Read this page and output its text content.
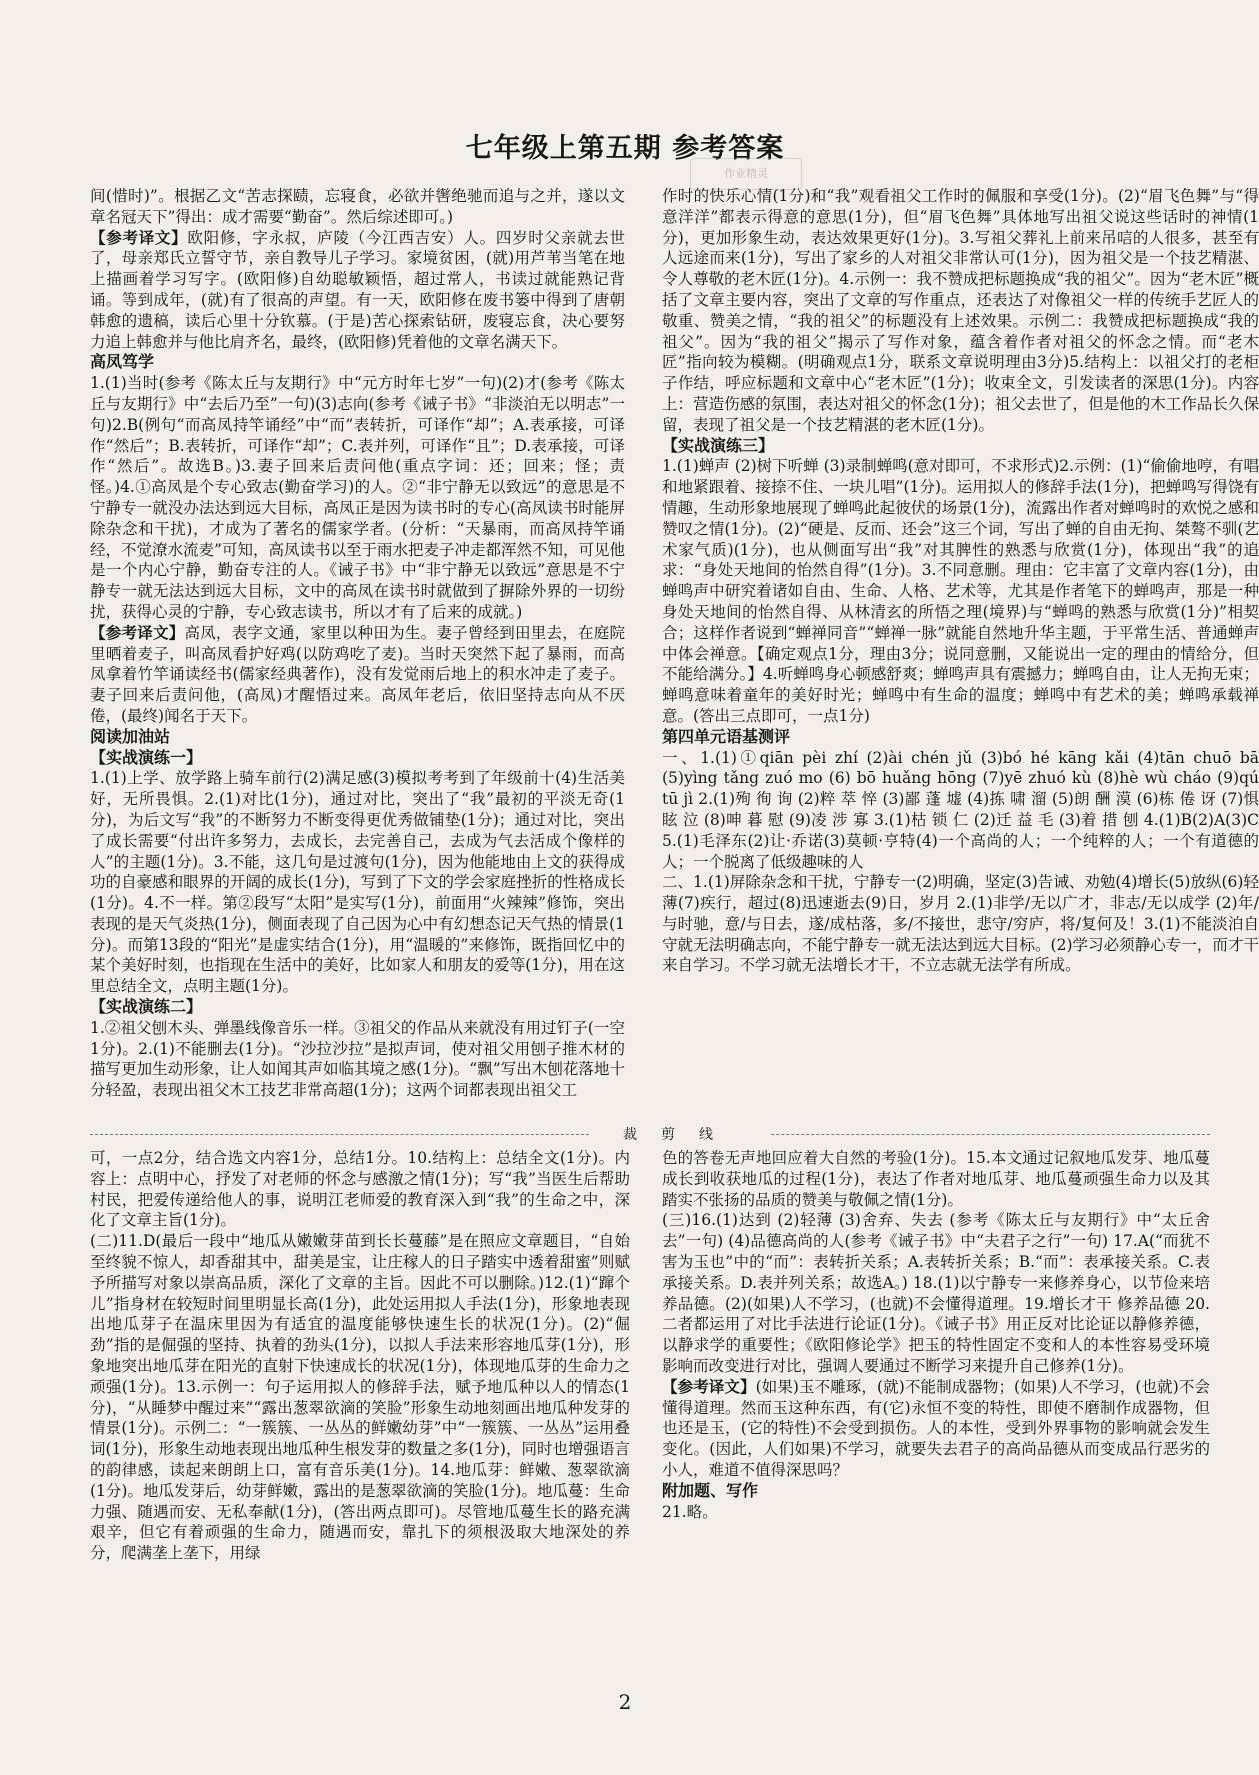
七年级上第五期 参考答案
作业精灵

间(惜时)”。根据乙文“苦志探赜，忘寝食，必欲并辔绝驰而追与之并，遂以文章名冠天下”得出：成才需要“勤奋”。然后综述即可。)

【参考译文】欧阳修，字永叔，庐陵（今江西吉安）人。四岁时父亲就去世了，母亲郑氏立誓守节，亲自教导儿子学习。家境贫困，(就)用芦苇当笔在地上描画着学习写字。(欧阳修)自幼聪敏颖悟，超过常人，书读过就能熟记背诵。等到成年，(就)有了很高的声望。有一天，欧阳修在废书篓中得到了唐朝韩愈的遗稿，读后心里十分钦慕。(于是)苦心探索钻研，废寝忘食，决心要努力追上韩愈并与他比肩齐名，最终，(欧阳修)凭着他的文章名满天下。

高凤笃学

1.(1)当时(参考《陈太丘与友期行》中“元方时年七岁”一句)(2)才(参考《陈太丘与友期行》中“去后乃至”一句)(3)志向(参考《诫子书》“非淡泊无以明志”一句)2.B(例句“而高凤持竿诵经”中“而”表转折，可译作“却”；A.表承接，可译作“然后”；B.表转折，可译作“却”；C.表并列，可译作“且”；D.表承接，可译作“然后”。故选B。)3.妻子回来后责问他(重点字词：还；回来；怪；责怪。)4.①高凤是个专心致志(勤奋学习)的人。②“非宁静无以致远”的意思是不宁静专一就没办法达到远大目标，高凤正是因为读书时的专心(高凤读书时能屏除杂念和干扰)，才成为了著名的儒家学者。(分析：“天暴雨，而高凤持竿诵经，不觉潦水流麦”可知，高凤读书以至于雨水把麦子冲走都浑然不知，可见他是一个内心宁静，勤奋专注的人。《诫子书》中“非宁静无以致远”意思是不宁静专一就无法达到远大目标，文中的高凤在读书时就做到了摒除外界的一切纷扰，获得心灵的宁静，专心致志读书，所以才有了后来的成就。)

【参考译文】高凤，表字文通，家里以种田为生。妻子曾经到田里去，在庭院里晒着麦子，叫高凤看护好鸡(以防鸡吃了麦)。当时天突然下起了暴雨，而高凤拿着竹竿诵读经书(儒家经典著作)，没有发觉雨后地上的积水冲走了麦子。妻子回来后责问他，(高凤)才醒悟过来。高凤年老后，依旧坚持志向从不厌倦，(最终)闻名于天下。

阅读加油站

【实战演练一】

1.(1)上学、放学路上骑车前行(2)满足感(3)模拟考考到了年级前十(4)生活美好，无所畏惧。2.(1)对比(1分)，通过对比，突出了“我”最初的平淡无奇(1分)，为后文写“我”的不断努力不断变得更优秀做铺垫(1分)；通过对比，突出了成长需要“付出许多努力，去成长，去完善自己，去成为气去活成个像样的人”的主题(1分)。3.不能，这几句是过渡句(1分)，因为他能地由上文的获得成功的自豪感和眼界的开阔的成长(1分)，写到了下文的学会家庭挫折的性格成长(1分)。4.不一样。第②段写“太阳”是实写(1分)，前面用“火辣辣”修饰，突出表现的是天气炎热(1分)，侧面表现了自己因为心中有幻想态记天气热的情景(1分)。而第13段的“阳光”是虚实结合(1分)，用“温暖的”来修饰，既指回忆中的某个美好时刻，也指现在生活中的美好，比如家人和朋友的爱等(1分)，用在这里总结全文，点明主题(1分)。

【实战演练二】

1.②祖父刨木头、弹墨线像音乐一样。③祖父的作品从来就没有用过钉子(一空1分)。2.(1)不能删去(1分)。“沙拉沙拉”是拟声词，使对祖父用刨子推木材的描写更加生动形象，让人如闻其声如临其境之感(1分)。“飘”写出木刨花落地十分轻盈，表现出祖父木工技艺非常高超(1分)；这两个词都表现出祖父工

作时的快乐心情(1分)和“我”观看祖父工作时的佩服和享受(1分)。(2)“眉飞色舞”与“得意洋洋”都表示得意的意思(1分)，但“眉飞色舞”具体地写出祖父说这些话时的神情(1分)，更加形象生动，表达效果更好(1分)。3.写祖父葬礼上前来吊唁的人很多，甚至有人远途而来(1分)，写出了家乡的人对祖父非常认可(1分)，因为祖父是一个技艺精湛、令人尊敬的老木匠(1分)。4.示例一：我不赞成把标题换成“我的祖父”。因为“老木匠”概括了文章主要内容，突出了文章的写作重点，还表达了对像祖父一样的传统手艺匠人的敬重、赞美之情，“我的祖父”的标题没有上述效果。示例二：我赞成把标题换成“我的祖父”。因为“我的祖父”揭示了写作对象，蕴含着作者对祖父的怀念之情。而“老木匠”指向较为模糊。(明确观点1分，联系文章说明理由3分)5.结构上：以祖父打的老柜子作结，呼应标题和文章中心“老木匠”(1分)；收束全文，引发读者的深思(1分)。内容上：营造伤感的氛围，表达对祖父的怀念(1分)；祖父去世了，但是他的木工作品长久保留，表现了祖父是一个技艺精湛的老木匠(1分)。

【实战演练三】

1.(1)蝉声 (2)树下听蝉 (3)录制蝉鸣(意对即可，不求形式)2.示例：(1)“偷偷地哼，有唱和地紧跟着、接捺不住、一块儿唱”(1分)。运用拟人的修辞手法(1分)，把蝉鸣写得饶有情趣，生动形象地展现了蝉鸣此起彼伏的场景(1分)，流露出作者对蝉鸣时的欢悦之感和赞叹之情(1分)。(2)“硬是、反而、还会”这三个词，写出了蝉的自由无拘、桀骜不驯(艺术家气质)(1分)，也从侧面写出“我”对其脾性的熟悉与欣赏(1分)，体现出“我”的追求：“身处天地间的怡然自得”(1分)。3.不同意删。理由：它丰富了文章内容(1分)，由蝉鸣声中研究着诸如自由、生命、人格、艺术等，尤其是作者笔下的蝉鸣声，那是一种身处天地间的怡然自得、从林清玄的所悟之理(境界)与“蝉鸣的熟悉与欣赏(1分)”相契合；这样作者说到“蝉禅同音”“蝉禅一脉”就能自然地升华主题，于平常生活、普通蝉声中体会禅意。【确定观点1分，理由3分；说同意删，又能说出一定的理由的情给分，但不能给满分。】4.听蝉鸣身心顿感舒爽；蝉鸣声具有震撼力；蝉鸣自由，让人无拘无束；蝉鸣意味着童年的美好时光；蝉鸣中有生命的温度；蝉鸣中有艺术的美；蝉鸣承载禅意。(答出三点即可，一点1分)

第四单元语基测评

一、1.(1)①qiān pèi zhí (2)ài chén jǔ (3)bó hé kāng kǎi (4)tān chuō bā (5)yìng tǎng zuó mo (6) bō huǎng hōng (7)yē zhuó kù (8)hè wù cháo (9)qú tū jì 2.(1)殉 徇 询 (2)粹 萃 悴 (3)鄙 蓬 墟 (4)拣 啸 溜 (5)朗 酬 漠 (6)栋 倦 讶 (7)惧 眩 泣 (8)呻 暮 慰 (9)凌 涉 寡 3.(1)枯 锁 仁 (2)迁 益 毛 (3)着 措 刨 4.(1)B(2)A(3)C 5.(1)毛泽东(2)让·乔诺(3)莫顿·亨特(4)一个高尚的人；一个纯粹的人；一个有道德的人；一个脱离了低级趣味的人

二、1.(1)屏除杂念和干扰，宁静专一(2)明确，坚定(3)告诫、劝勉(4)增长(5)放纵(6)轻薄(7)疾行，超过(8)迅速逝去(9)日，岁月 2.(1)非学/无以广才，非志/无以成学 (2)年/与时驰，意/与日去，遂/成枯落，多/不接世，悲守/穷庐，将/复何及！3.(1)不能淡泊自守就无法明确志向，不能宁静专一就无法达到远大目标。(2)学习必须静心专一，而才干来自学习。不学习就无法增长才干，不立志就无法学有所成。

裁剪线

可，一点2分，结合选文内容1分，总结1分。10.结构上：总结全文(1分)。内容上：点明中心，抒发了对老师的怀念与感激之情(1分)；写“我”当医生后帮助村民，把爱传递给他人的事，说明江老师爱的教育深入到“我”的生命之中，深化了文章主旨(1分)。

(二)11.D(最后一段中“地瓜从嫩嫩芽苗到长长蔓藤”是在照应文章题目，“自始至终貌不惊人，却香甜其中，甜美是宝，让庄稼人的日子踏实中透着甜蜜”则赋予所描写对象以崇高品质，深化了文章的主旨。因此不可以删除。)12.(1)“蹿个儿”指身材在较短时间里明显长高(1分)，此处运用拟人手法(1分)，形象地表现出地瓜芽子在温床里因为有适宜的温度能够快速生长的状况(1分)。(2)“倔劲”指的是倔强的坚持、执着的劲头(1分)，以拟人手法来形容地瓜芽(1分)，形象地突出地瓜芽在阳光的直射下快速成长的状况(1分)，体现地瓜芽的生命力之顽强(1分)。13.示例一：句子运用拟人的修辞手法，赋予地瓜种以人的情态(1分)，“从睡梦中醒过来”“露出葱翠欲滴的笑脸”形象生动地刻画出地瓜种发芽的情景(1分)。示例二：“一簇簇、一丛丛的鲜嫩幼芽”中“一簇簇、一丛丛”运用叠词(1分)，形象生动地表现出地瓜种生根发芽的数量之多(1分)，同时也增强语言的韵律感，读起来朗朗上口，富有音乐美(1分)。14.地瓜芽：鲜嫩、葱翠欲滴(1分)。地瓜发芽后，幼芽鲜嫩，露出的是葱翠欲滴的笑脸(1分)。地瓜蔓：生命力强、随遇而安、无私奉献(1分)，(答出两点即可)。尽管地瓜蔓生长的路充满艰辛，但它有着顽强的生命力，随遇而安，靠扎下的须根汲取大地深处的养分，爬满垄上垄下，用绿

色的答卷无声地回应着大自然的考验(1分)。15.本文通过记叙地瓜发芽、地瓜蔓成长到收获地瓜的过程(1分)，表达了作者对地瓜芽、地瓜蔓顽强生命力以及其踏实不张扬的品质的赞美与敬佩之情(1分)。

(三)16.(1)达到 (2)轻薄 (3)舍弃、失去 (参考《陈太丘与友期行》中“太丘舍去”一句) (4)品德高尚的人(参考《诫子书》中“夫君子之行”一句) 17.A(“而犹不害为玉也”中的“而”：表转折关系；A.表转折关系；B.“而”：表承接关系。C.表承接关系。D.表并列关系；故选A。) 18.(1)以宁静专一来修养身心，以节俭来培养品德。(2)(如果)人不学习，(也就)不会懂得道理。19.增长才干 修养品德 20.二者都运用了对比手法进行论证(1分)。《诫子书》用正反对比论证以静修养德，以静求学的重要性；《欧阳修论学》把玉的特性固定不变和人的本性容易受环境影响而改变进行对比，强调人要通过不断学习来提升自己修养(1分)。

【参考译文】(如果)玉不雕琢，(就)不能制成器物；(如果)人不学习，(也就)不会懂得道理。然而玉这种东西，有(它)永恒不变的特性，即使不磨制作成器物，但也还是玉，(它的特性)不会受到损伤。人的本性，受到外界事物的影响就会发生变化。(因此，人们如果)不学习，就要失去君子的高尚品德从而变成品行恶劣的小人，难道不值得深思吗？

附加题、写作

21.略。

2
